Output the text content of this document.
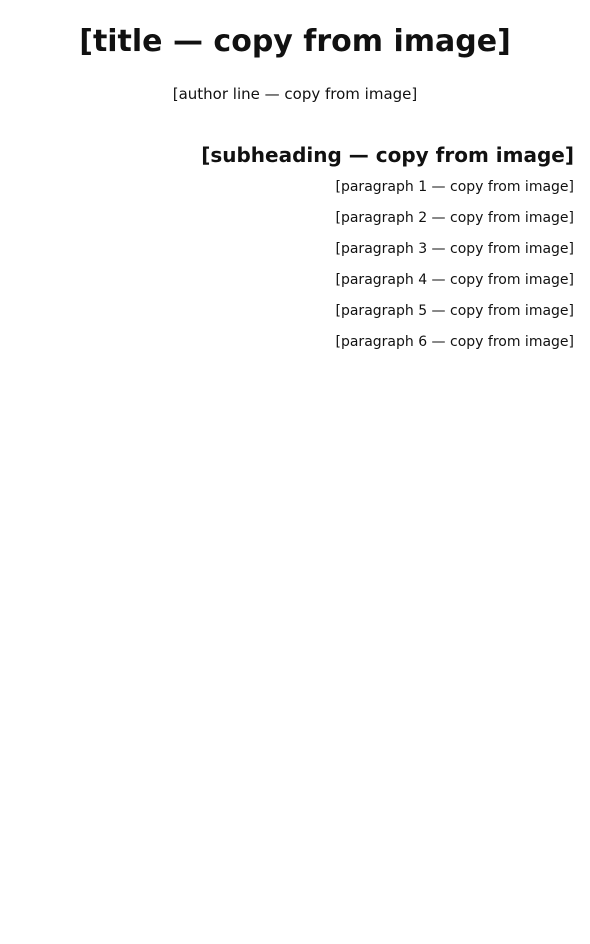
[title — copy from image]
[author line — copy from image]
[subheading — copy from image]

[paragraph 1 — copy from image]

[paragraph 2 — copy from image]

[paragraph 3 — copy from image]

[paragraph 4 — copy from image]

[paragraph 5 — copy from image]

[paragraph 6 — copy from image]
